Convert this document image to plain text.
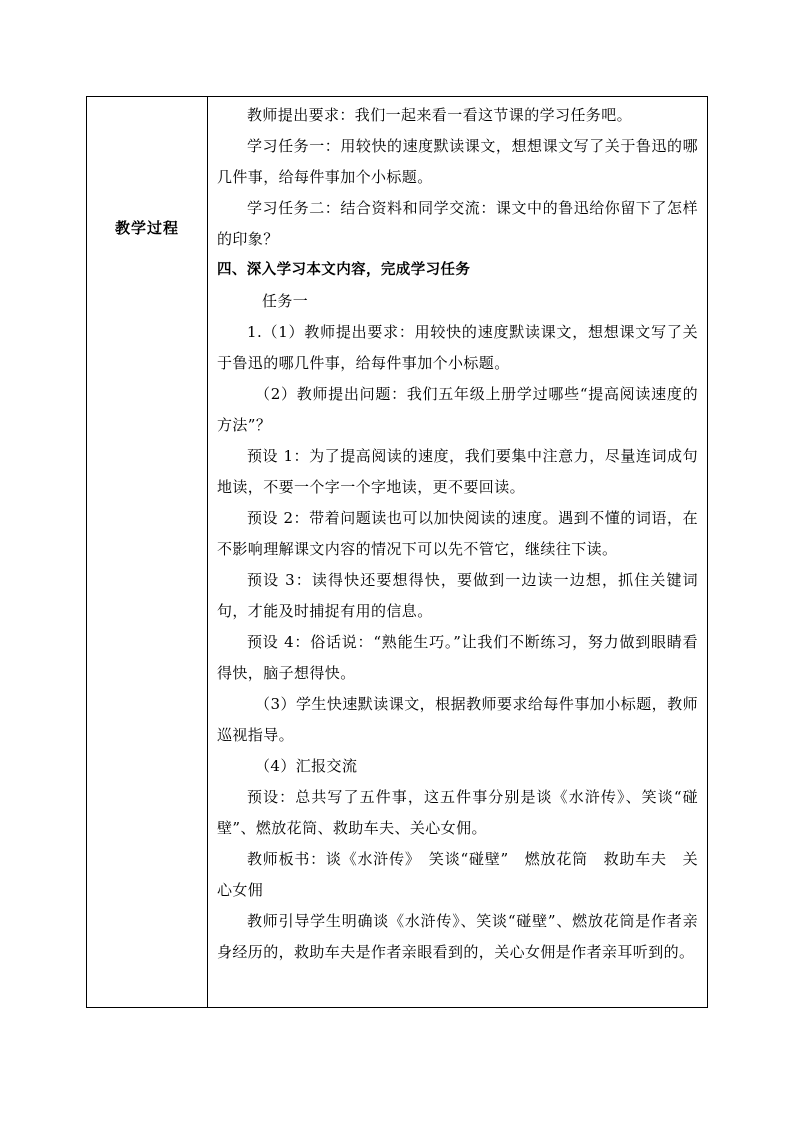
教学过程

教师提出要求：我们一起来看一看这节课的学习任务吧。

学习任务一：用较快的速度默读课文，想想课文写了关于鲁迅的哪几件事，给每件事加个小标题。

学习任务二：结合资料和同学交流：课文中的鲁迅给你留下了怎样的印象？

四、深入学习本文内容，完成学习任务

任务一

1.（1）教师提出要求：用较快的速度默读课文，想想课文写了关于鲁迅的哪几件事，给每件事加个小标题。

（2）教师提出问题：我们五年级上册学过哪些“提高阅读速度的方法”？

预设 1：为了提高阅读的速度，我们要集中注意力，尽量连词成句地读，不要一个字一个字地读，更不要回读。

预设 2：带着问题读也可以加快阅读的速度。遇到不懂的词语，在不影响理解课文内容的情况下可以先不管它，继续往下读。

预设 3：读得快还要想得快，要做到一边读一边想，抓住关键词句，才能及时捕捉有用的信息。

预设 4：俗话说：“熟能生巧。”让我们不断练习，努力做到眼睛看得快，脑子想得快。

（3）学生快速默读课文，根据教师要求给每件事加小标题，教师巡视指导。

（4）汇报交流

预设：总共写了五件事，这五件事分别是谈《水浒传》、笑谈“碰壁”、燃放花筒、救助车夫、关心女佣。

教师板书：谈《水浒传》　笑谈“碰壁”　燃放花筒　救助车夫　关心女佣

教师引导学生明确谈《水浒传》、笑谈“碰壁”、燃放花筒是作者亲身经历的，救助车夫是作者亲眼看到的，关心女佣是作者亲耳听到的。
